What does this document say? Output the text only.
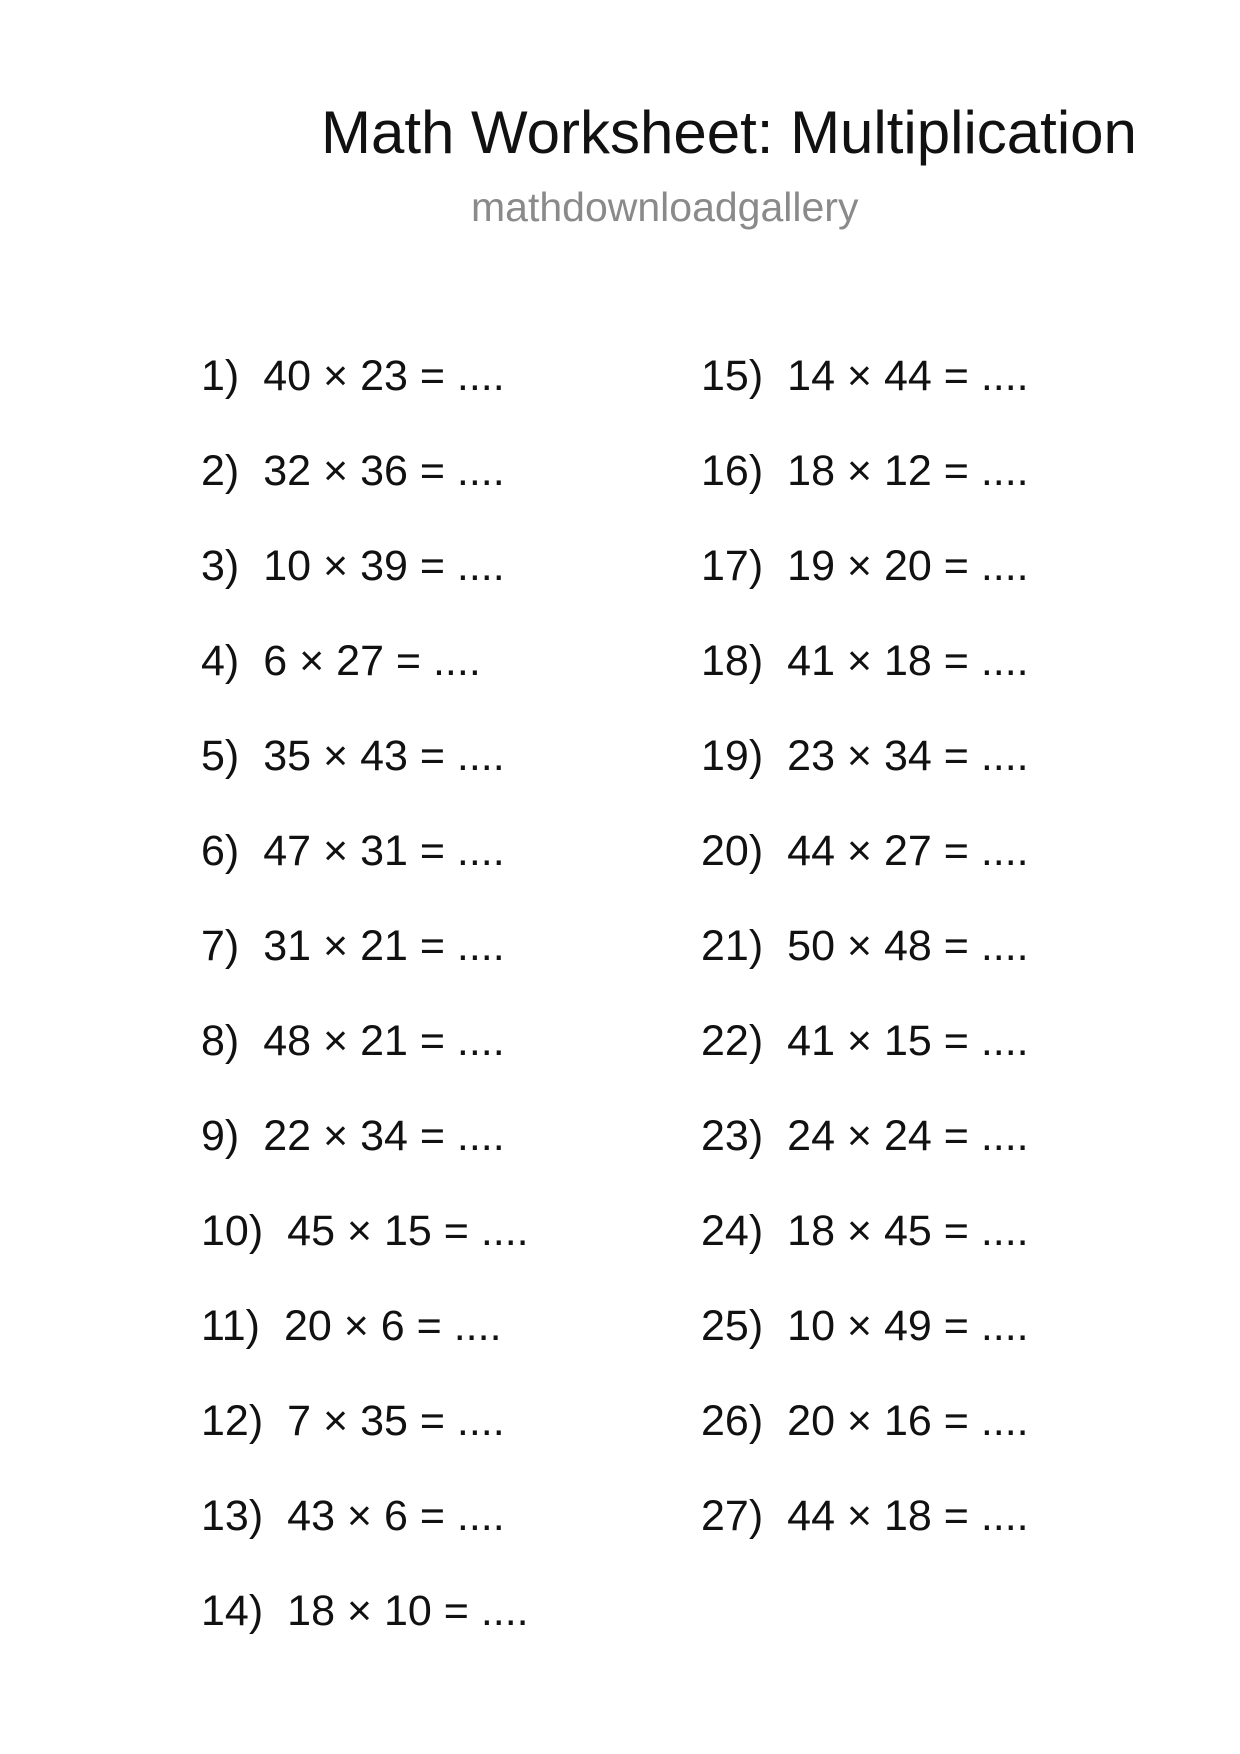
Math Worksheet: Multiplication
mathdownloadgallery
1) 40 × 23 = ....
2) 32 × 36 = ....
3) 10 × 39 = ....
4) 6 × 27 = ....
5) 35 × 43 = ....
6) 47 × 31 = ....
7) 31 × 21 = ....
8) 48 × 21 = ....
9) 22 × 34 = ....
10) 45 × 15 = ....
11) 20 × 6 = ....
12) 7 × 35 = ....
13) 43 × 6 = ....
14) 18 × 10 = ....
15) 14 × 44 = ....
16) 18 × 12 = ....
17) 19 × 20 = ....
18) 41 × 18 = ....
19) 23 × 34 = ....
20) 44 × 27 = ....
21) 50 × 48 = ....
22) 41 × 15 = ....
23) 24 × 24 = ....
24) 18 × 45 = ....
25) 10 × 49 = ....
26) 20 × 16 = ....
27) 44 × 18 = ....
